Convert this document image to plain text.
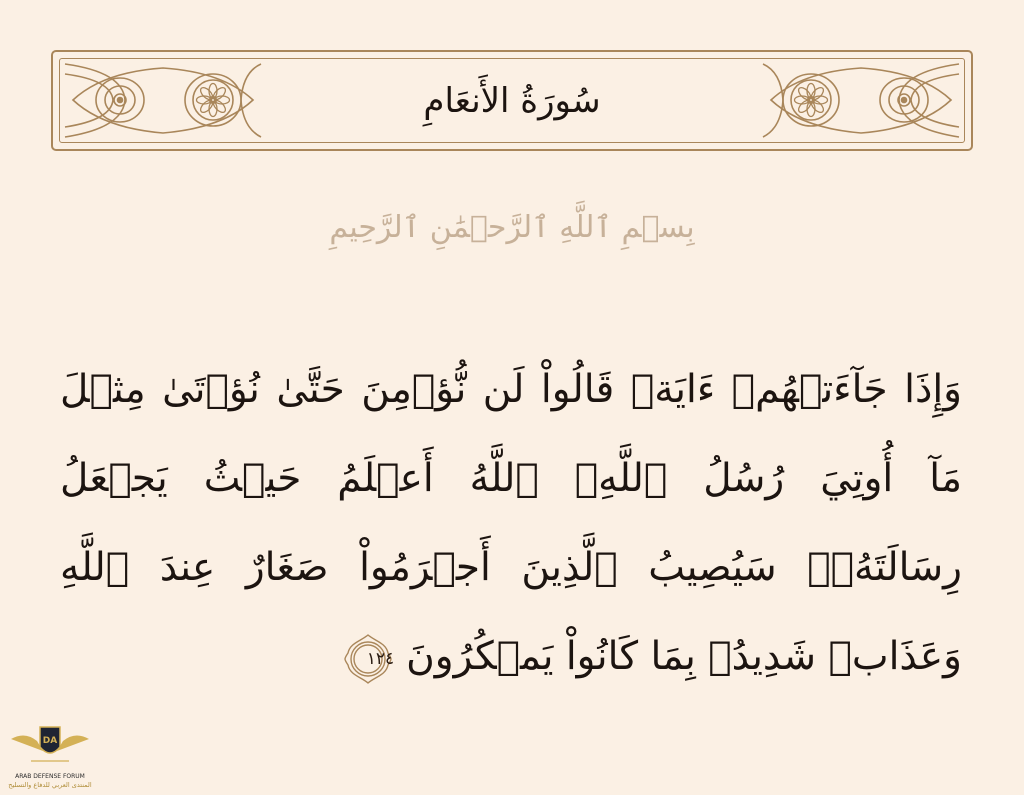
سُورَةُ الأَنعَامِ
بِسۡمِ ٱللَّهِ ٱلرَّحۡمَٰنِ ٱلرَّحِيمِ

وَإِذَا جَآءَتۡهُمۡ ءَايَةٞ قَالُواْ لَن نُّؤۡمِنَ حَتَّىٰ نُؤۡتَىٰ مِثۡلَ مَآ أُوتِيَ رُسُلُ ٱللَّهِۘ ٱللَّهُ أَعۡلَمُ حَيۡثُ يَجۡعَلُ رِسَالَتَهُۥۗ سَيُصِيبُ ٱلَّذِينَ أَجۡرَمُواْ صَغَارٌ عِندَ ٱللَّهِ وَعَذَابٞ شَدِيدُۢ بِمَا كَانُواْ يَمۡكُرُونَ
١٢٤

DA
ARAB DEFENSE FORUM
المنتدى العربي للدفاع والتسليح
